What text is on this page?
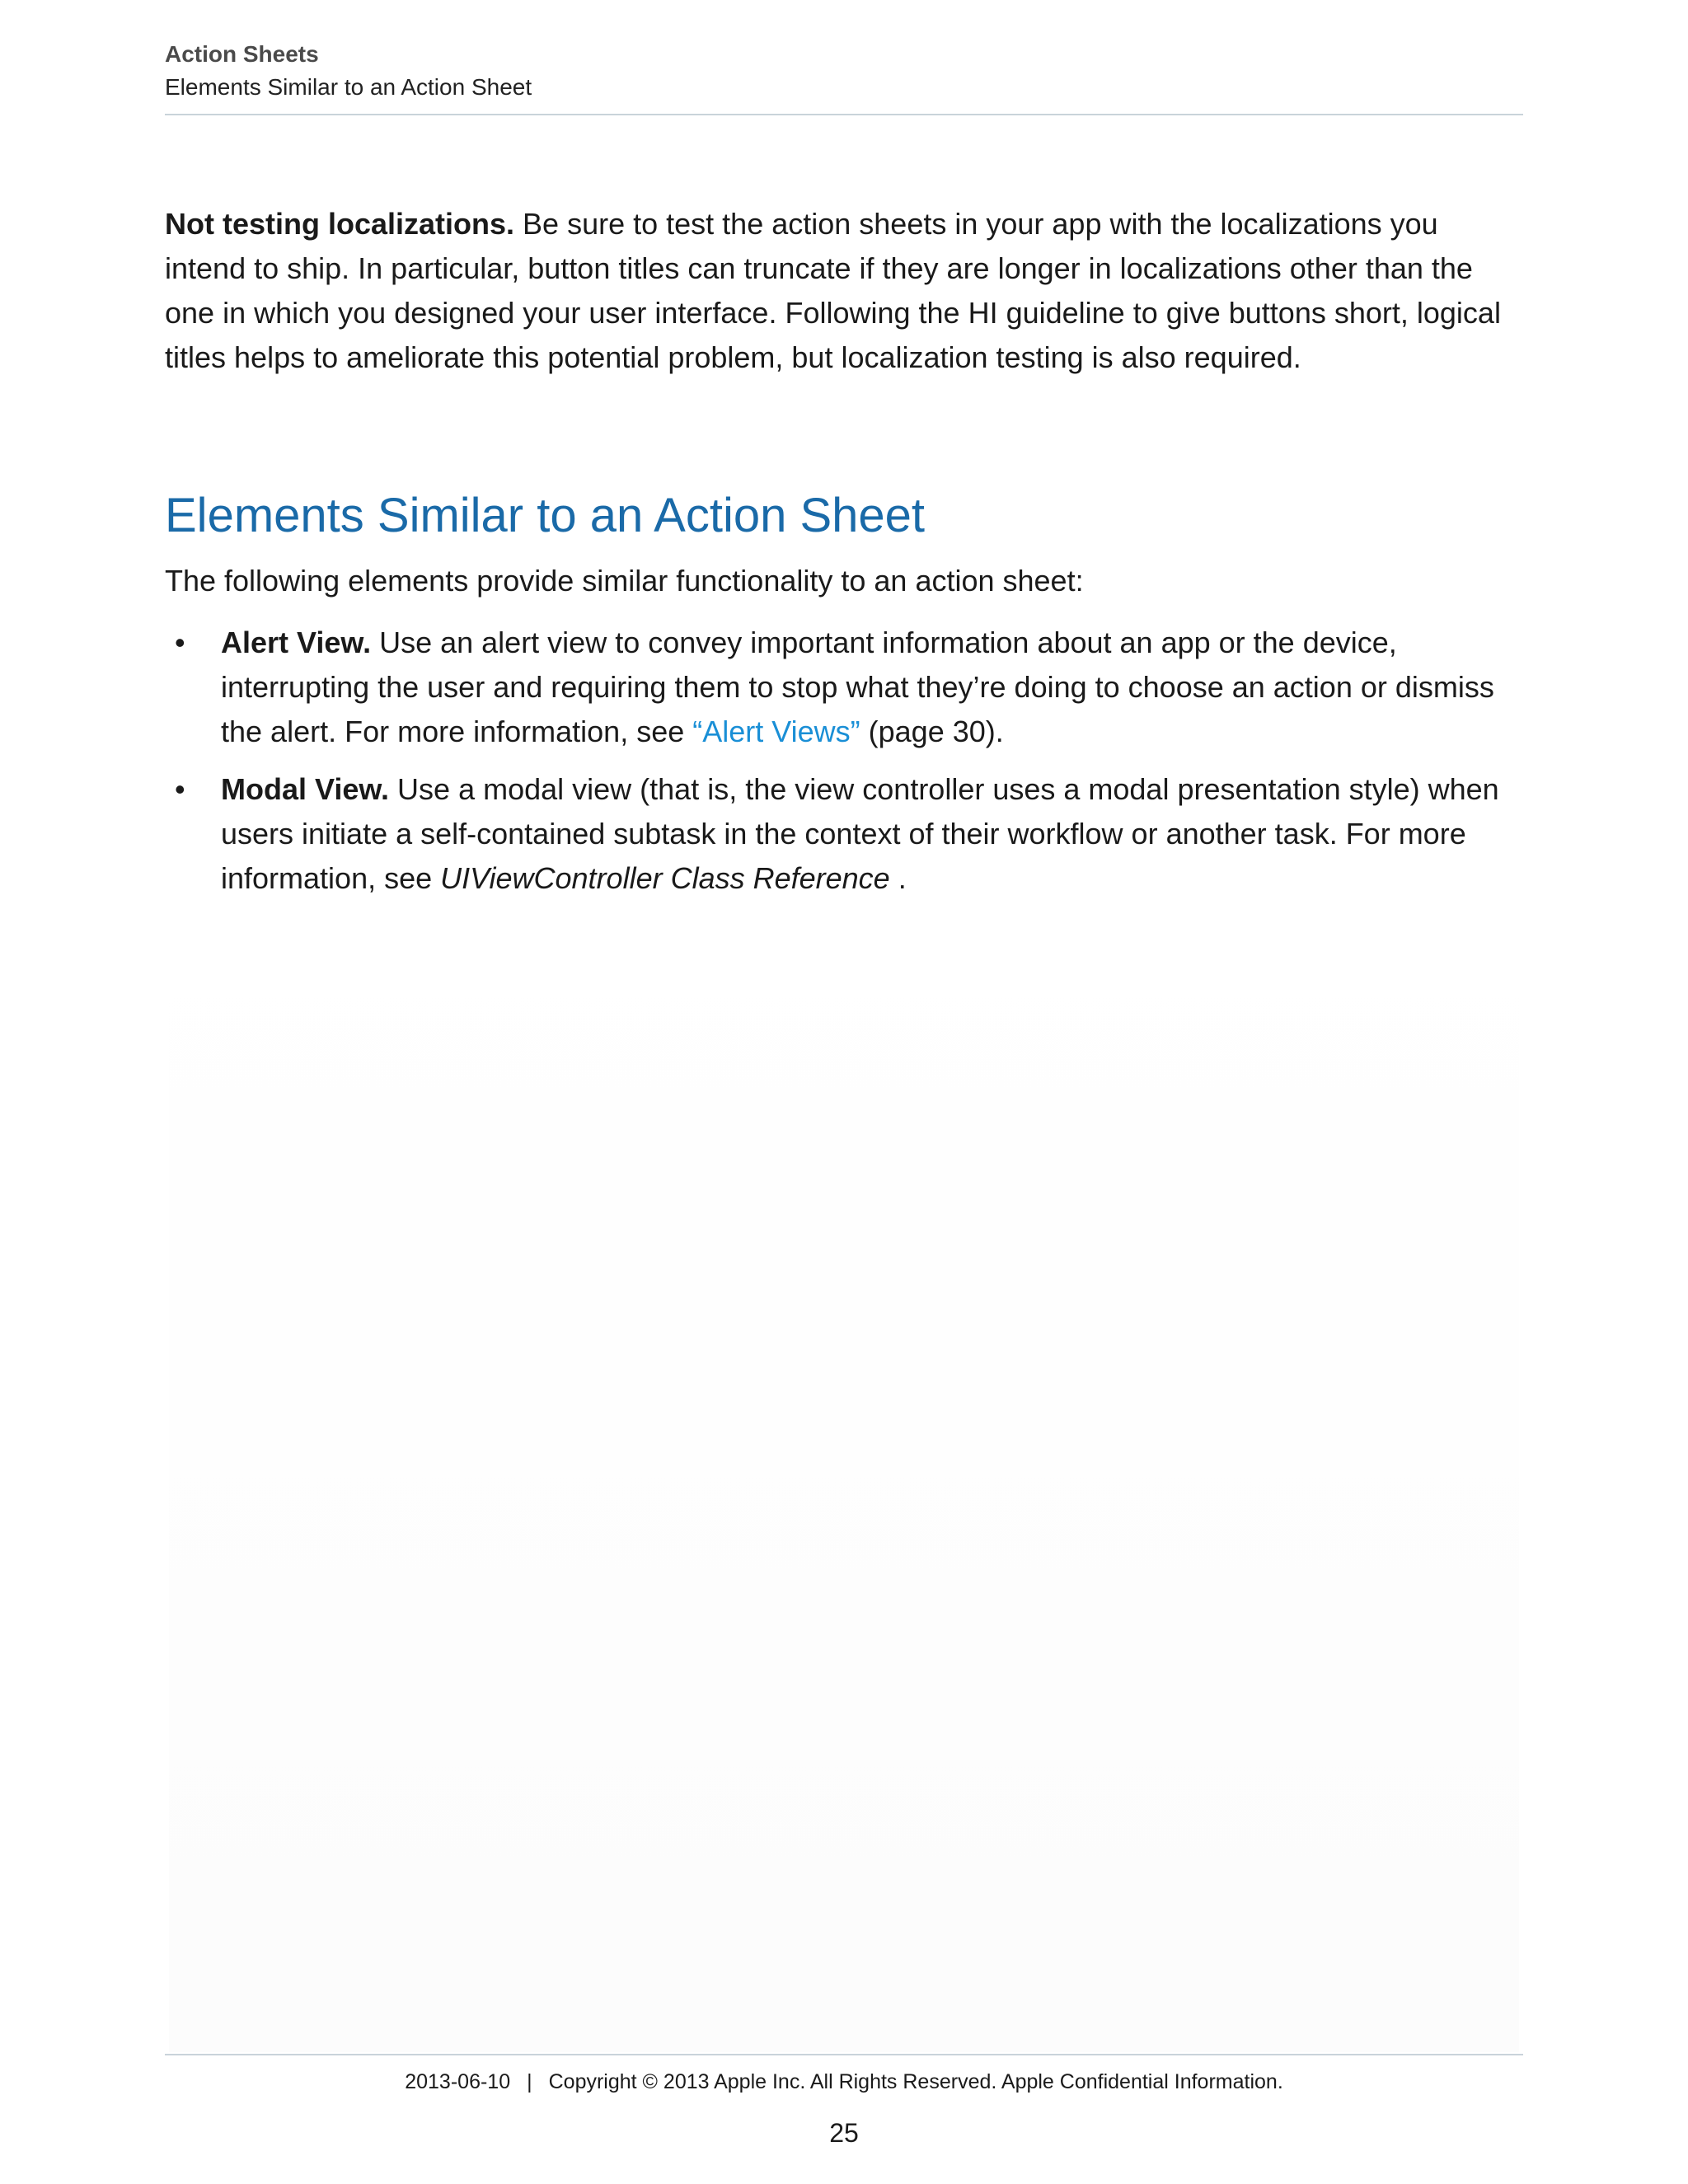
Action Sheets
Elements Similar to an Action Sheet
Not testing localizations. Be sure to test the action sheets in your app with the localizations you intend to ship. In particular, button titles can truncate if they are longer in localizations other than the one in which you designed your user interface. Following the HI guideline to give buttons short, logical titles helps to ameliorate this potential problem, but localization testing is also required.
Elements Similar to an Action Sheet
The following elements provide similar functionality to an action sheet:
• Alert View. Use an alert view to convey important information about an app or the device, interrupting the user and requiring them to stop what they’re doing to choose an action or dismiss the alert. For more information, see “Alert Views” (page 30).
• Modal View. Use a modal view (that is, the view controller uses a modal presentation style) when users initiate a self-contained subtask in the context of their workflow or another task. For more information, see UIViewController Class Reference .
2013-06-10 | Copyright © 2013 Apple Inc. All Rights Reserved. Apple Confidential Information.
25
